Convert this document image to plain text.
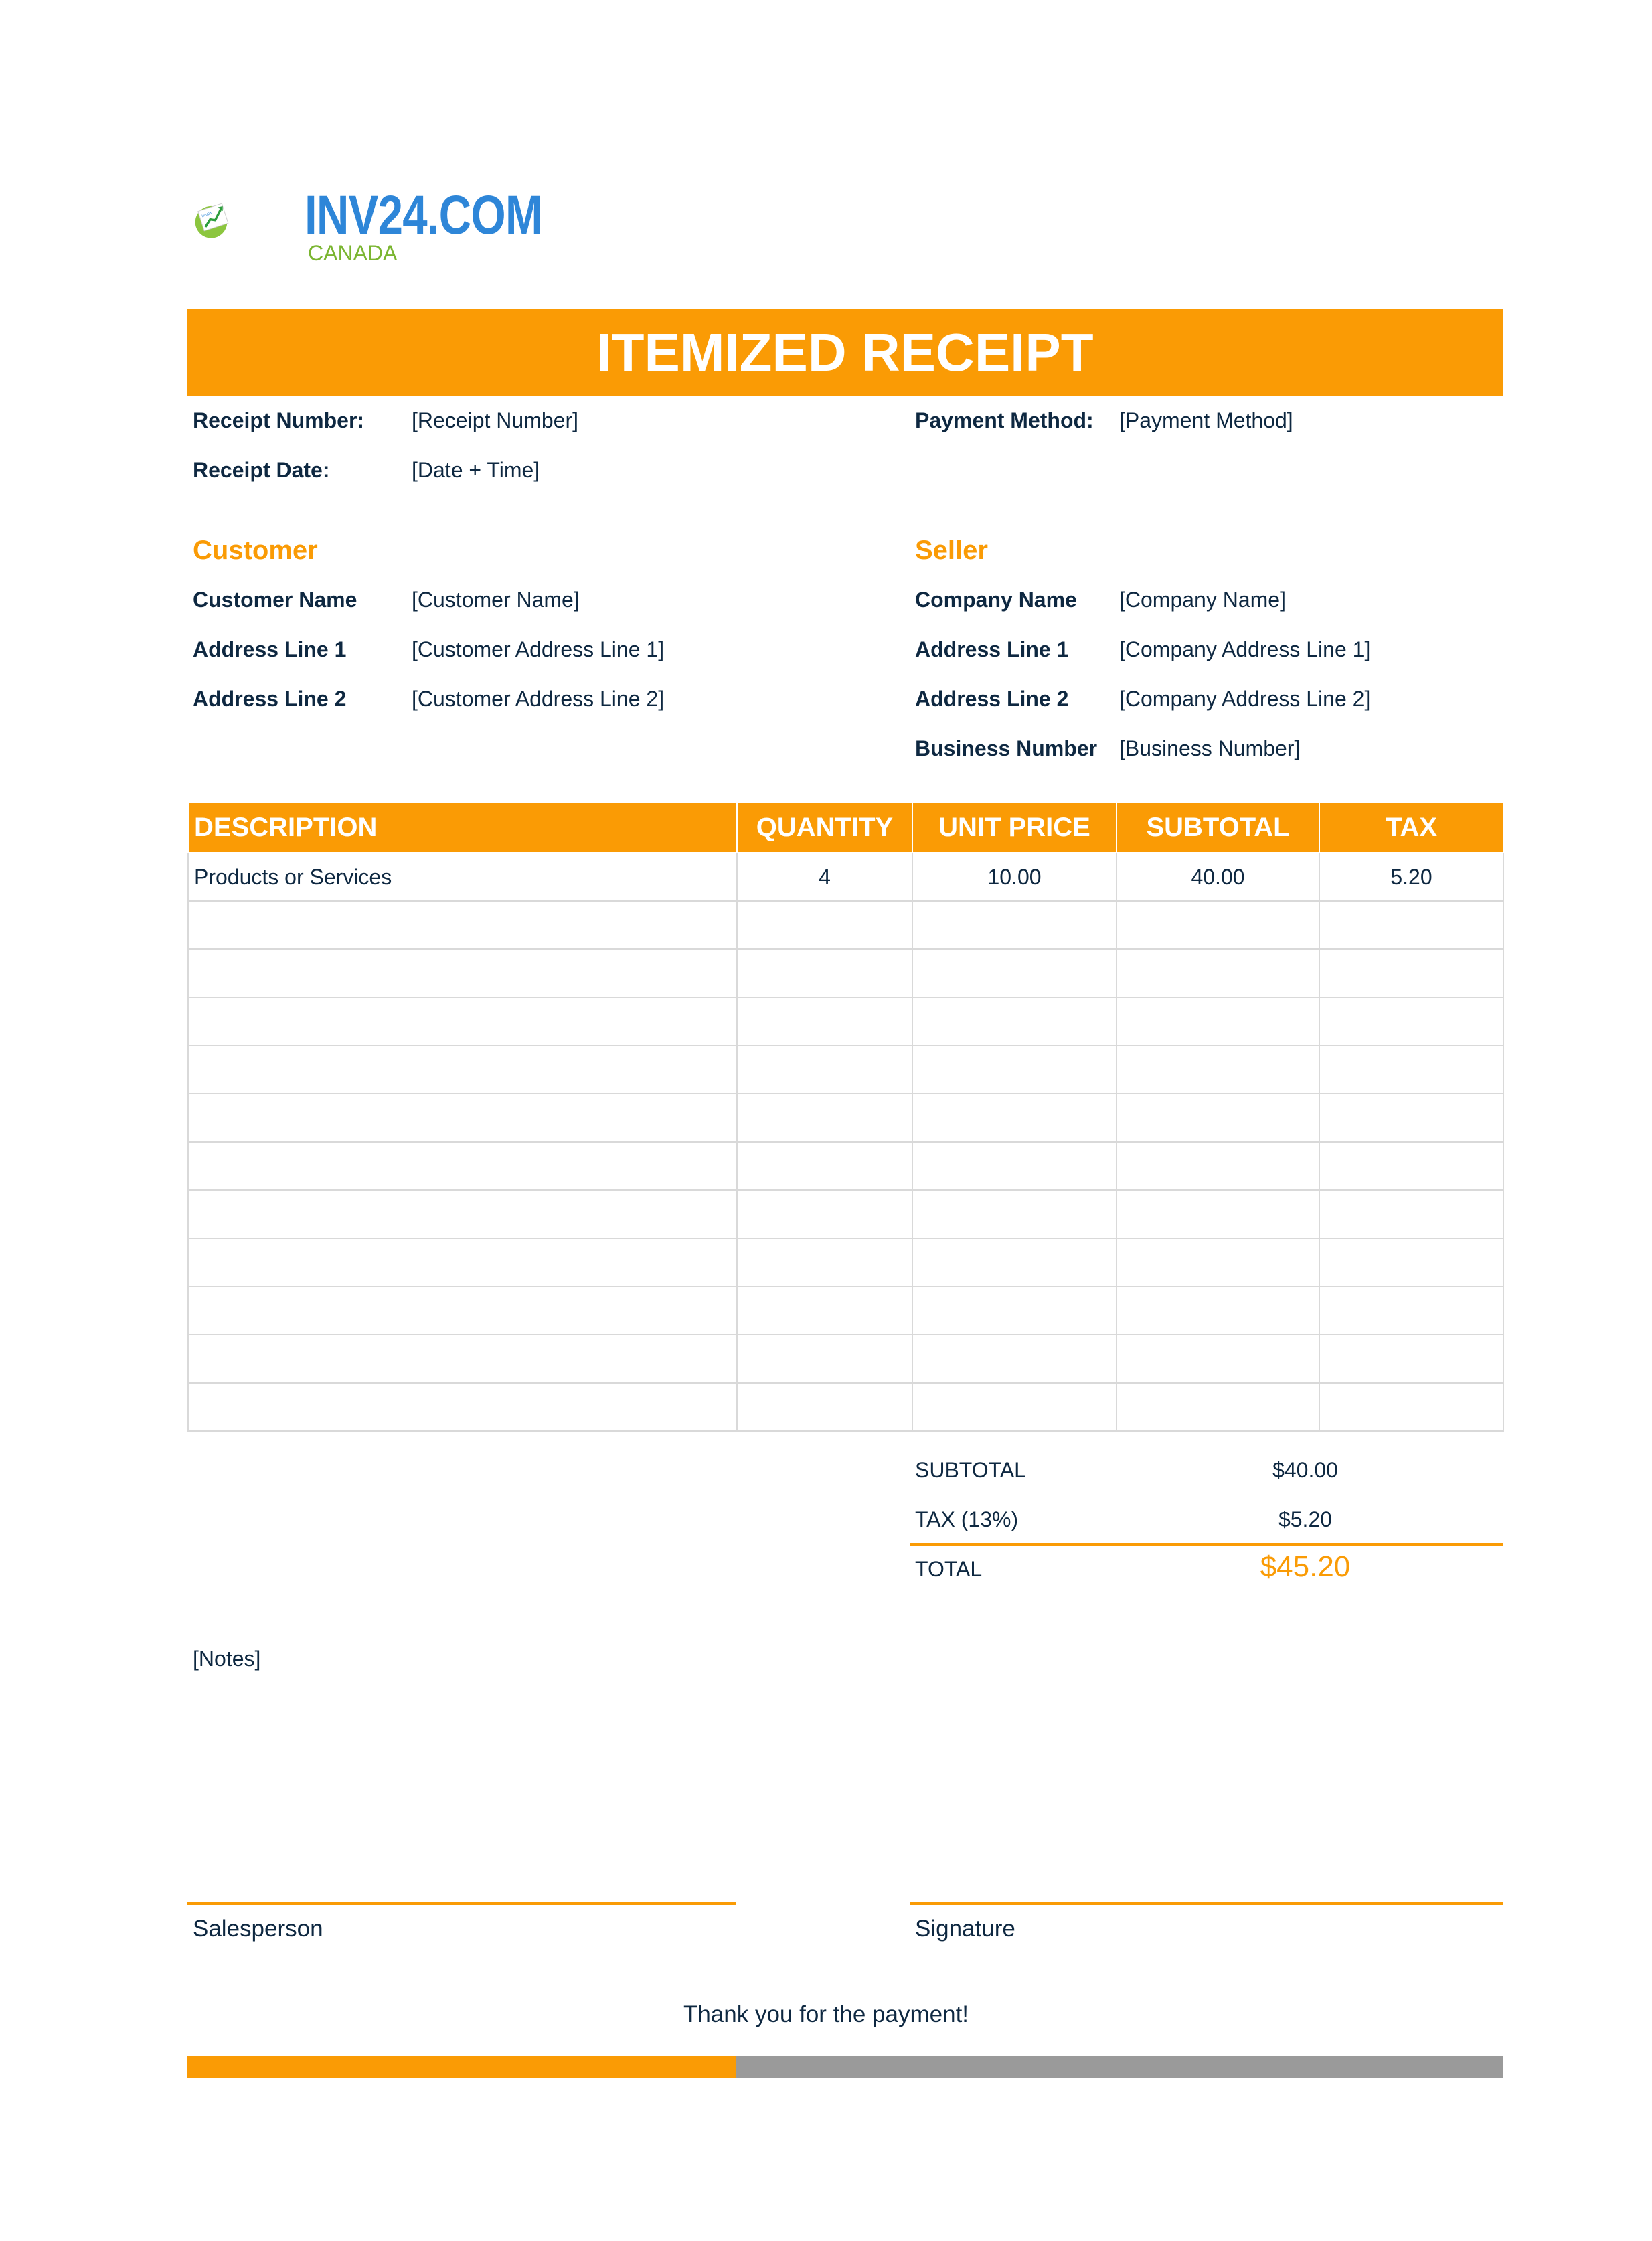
INV24 INV24.COM
CANADA
ITEMIZED RECEIPT
Receipt Number: [Receipt Number]
Receipt Date:	[Date + Time]
Payment Method: [Payment Method]
Customer
Customer Name	[Customer Name]
Address Line 1	[Customer Address Line 1]
Address Line 2	[Customer Address Line 2]
Seller
Company Name [Company Name]
Address Line 1 [Company Address Line 1]
Address Line 2 [Company Address Line 2]
Business Number [Business Number]
DESCRIPTION	QUANTITY	UNIT PRICE	SUBTOTAL	TAX
Products or Services	4	10.00	40.00	5.20

SUBTOTAL	$40.00
TAX (13%)	$5.20
TOTAL	$45.20
[Notes]
Salesperson	Signature
Thank you for the payment!
